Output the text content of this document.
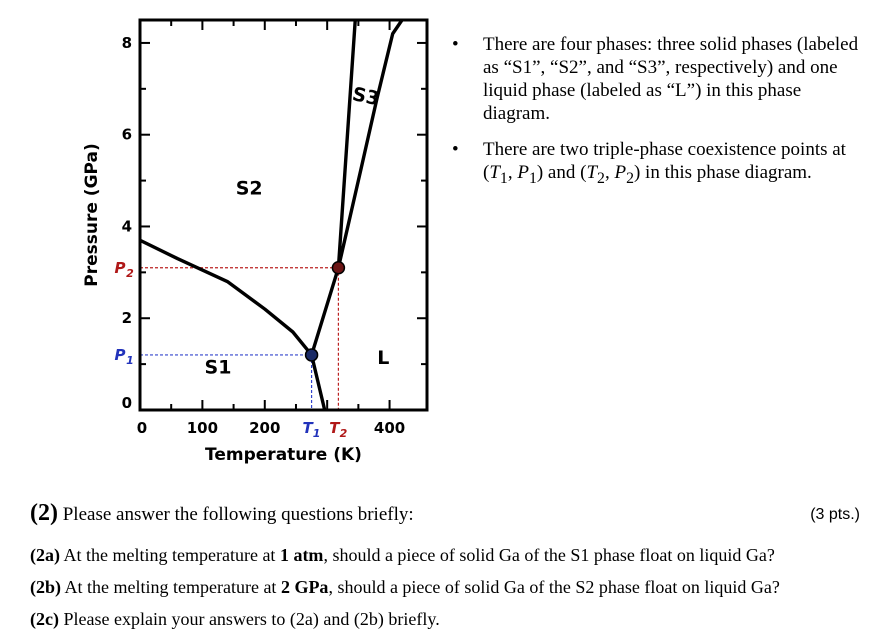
0	100 200	400
0
2
4
6
8
Temperature (K)
Pressure (GPa)
S1
S2
S3
L
T 1
P 1
T 2
P 2
• There are four phases: three solid phases (labeled as “S1”, “S2”, and “S3”, respectively) and one liquid phase (labeled as “L”) in this phase diagram.
• There are two triple-phase coexistence points at ($T_1$, $P_1$) and ($T_2$, $P_2$) in this phase diagram.
(2) Please answer the following questions briefly:	(3 pts.)
(2a) At the melting temperature at 1 atm, should a piece of solid Ga of the S1 phase float on liquid Ga?
(2b) At the melting temperature at 2 GPa, should a piece of solid Ga of the S2 phase float on liquid Ga?
(2c) Please explain your answers to (2a) and (2b) briefly.
